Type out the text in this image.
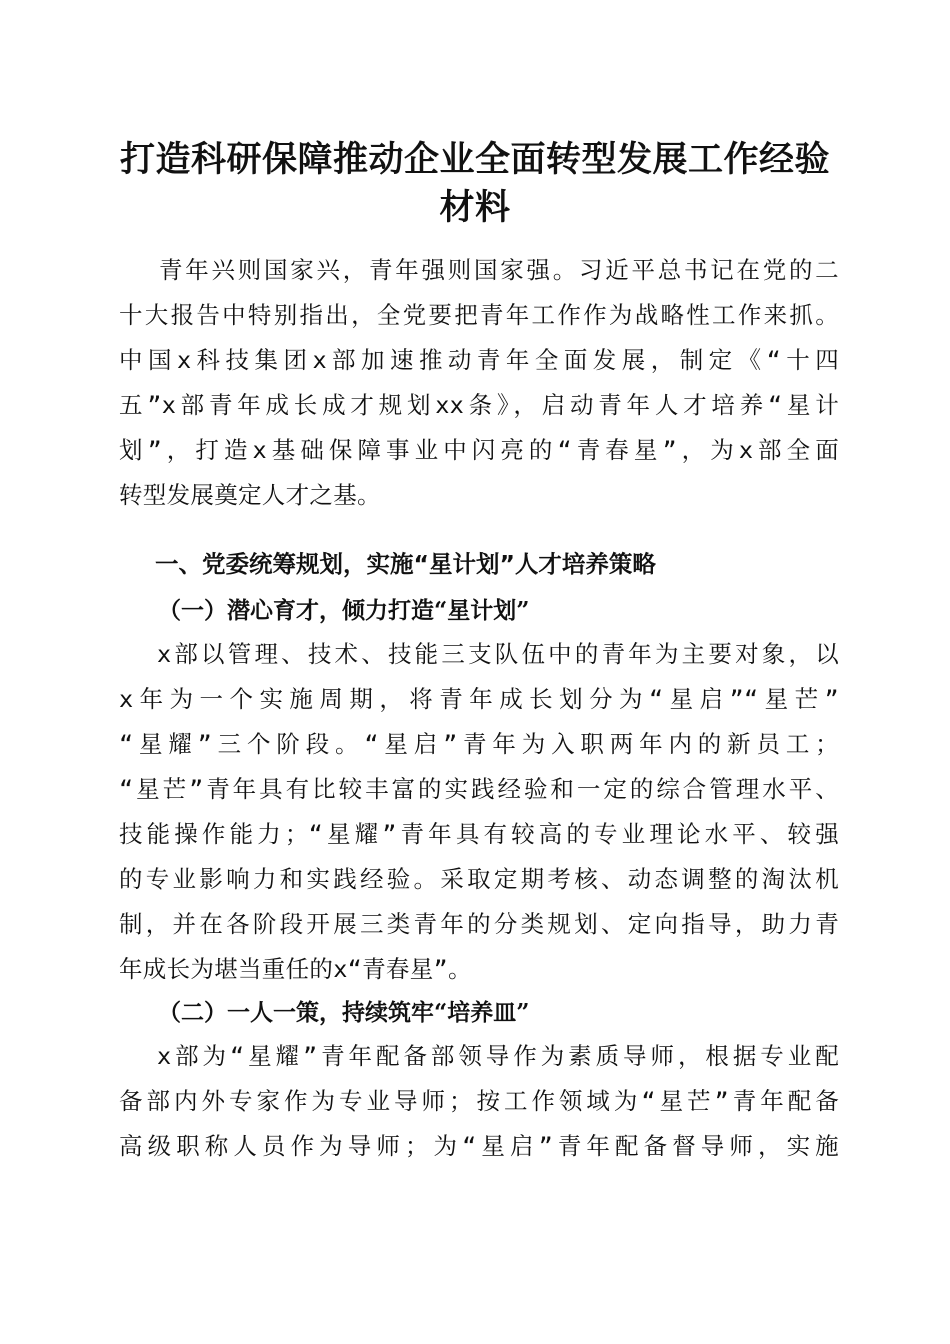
打造科研保障推动企业全面转型发展工作经验
材料
青年兴则国家兴，青年强则国家强。习近平总书记在党的二
十大报告中特别指出，全党要把青年工作作为战略性工作来抓。
中国x科技集团x部加速推动青年全面发展，制定《“十四
五”x部青年成长成才规划xx条》，启动青年人才培养“星计
划”，打造x基础保障事业中闪亮的“青春星”，为x部全面
转型发展奠定人才之基。
一、党委统筹规划，实施“星计划”人才培养策略
（一）潜心育才，倾力打造“星计划”
x部以管理、技术、技能三支队伍中的青年为主要对象，以
x年为一个实施周期，将青年成长划分为“星启”“星芒”
“星耀”三个阶段。“星启”青年为入职两年内的新员工；
“星芒”青年具有比较丰富的实践经验和一定的综合管理水平、
技能操作能力；“星耀”青年具有较高的专业理论水平、较强
的专业影响力和实践经验。采取定期考核、动态调整的淘汰机
制，并在各阶段开展三类青年的分类规划、定向指导，助力青
年成长为堪当重任的x“青春星”。
（二）一人一策，持续筑牢“培养皿”
x部为“星耀”青年配备部领导作为素质导师，根据专业配
备部内外专家作为专业导师；按工作领域为“星芒”青年配备
高级职称人员作为导师；为“星启”青年配备督导师，实施
